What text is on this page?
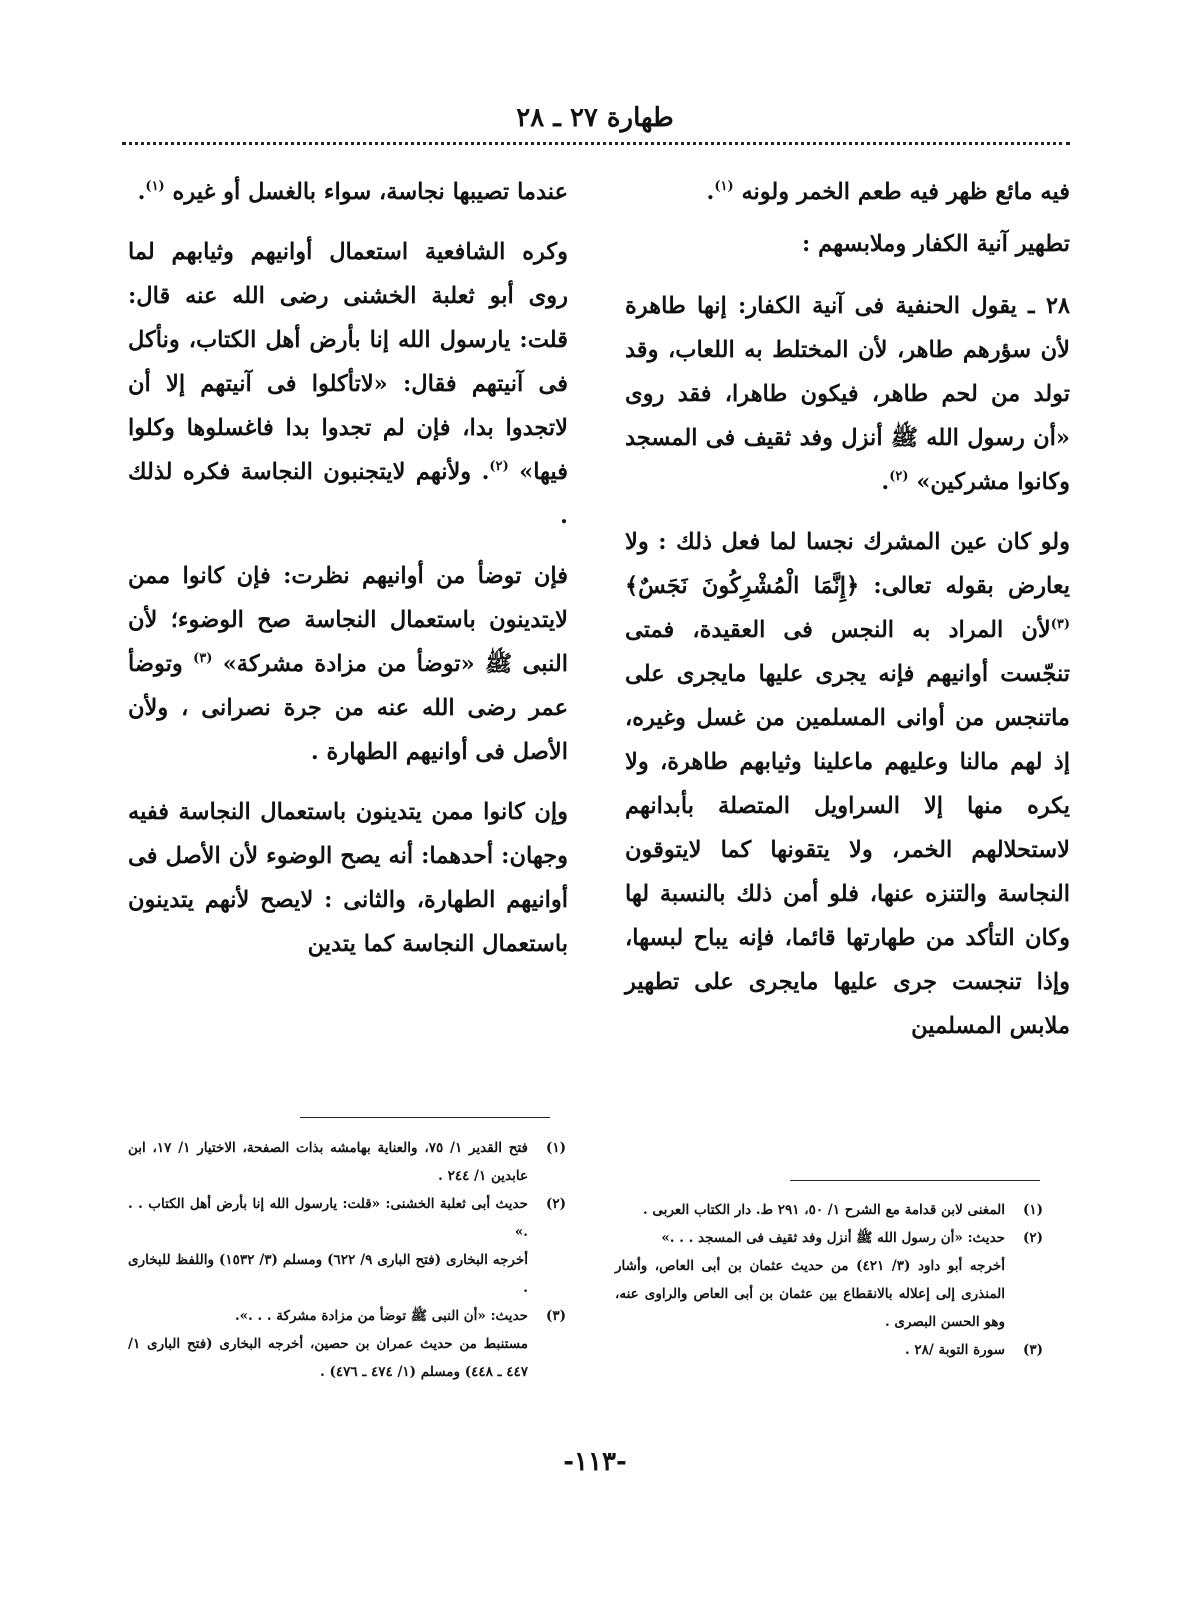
طهارة ٢٧ ـ ٢٨

فيه مائع ظهر فيه طعم الخمر ولونه $^{(١)}$.

تطهير آنية الكفار وملابسهم :

٢٨ ـ يقول الحنفية فى آنية الكفار: إنها طاهرة لأن سؤرهم طاهر، لأن المختلط به اللعاب، وقد تولد من لحم طاهر، فيكون طاهرا، فقد روى «أن رسول الله ﷺ أنزل وفد ثقيف فى المسجد وكانوا مشركين» $^{(٢)}$.

ولو كان عين المشرك نجسا لما فعل ذلك : ولا يعارض بقوله تعالى: ﴿إِنَّمَا الْمُشْرِكُونَ نَجَسٌ﴾$^{(٣)}$لأن المراد به النجس فى العقيدة، فمتى تنجّست أوانيهم فإنه يجرى عليها مايجرى على ماتنجس من أوانى المسلمين من غسل وغيره، إذ لهم مالنا وعليهم ماعلينا وثيابهم طاهرة، ولا يكره منها إلا السراويل المتصلة بأبدانهم لاستحلالهم الخمر، ولا يتقونها كما لايتوقون النجاسة والتنزه عنها، فلو أمن ذلك بالنسبة لها وكان التأكد من طهارتها قائما، فإنه يباح لبسها، وإذا تنجست جرى عليها مايجرى على تطهير ملابس المسلمين

عندما تصيبها نجاسة، سواء بالغسل أو غيره $^{(١)}$.

وكره الشافعية استعمال أوانيهم وثيابهم لما روى أبو ثعلبة الخشنى رضى الله عنه قال: قلت: يارسول الله إنا بأرض أهل الكتاب، ونأكل فى آنيتهم فقال: «لاتأكلوا فى آنيتهم إلا أن لاتجدوا بدا، فإن لم تجدوا بدا فاغسلوها وكلوا فيها» $^{(٢)}$. ولأنهم لايتجنبون النجاسة فكره لذلك .

فإن توضأ من أوانيهم نظرت: فإن كانوا ممن لايتدينون باستعمال النجاسة صح الوضوء؛ لأن النبى ﷺ «توضأ من مزادة مشركة» $^{(٣)}$ وتوضأ عمر رضى الله عنه من جرة نصرانى ، ولأن الأصل فى أوانيهم الطهارة .

وإن كانوا ممن يتدينون باستعمال النجاسة ففيه وجهان: أحدهما: أنه يصح الوضوء لأن الأصل فى أوانيهم الطهارة، والثانى : لايصح لأنهم يتدينون باستعمال النجاسة كما يتدين

(١)
فتح القدير ١/ ٧٥، والعناية بهامشه بذات الصفحة، الاختيار ١/ ١٧، ابن عابدين ١/ ٢٤٤ .
(٢)
حديث أبى ثعلبة الخشنى: «قلت: يارسول الله إنا بأرض أهل الكتاب . . .»
أخرجه البخارى (فتح البارى ٩/ ٦٢٢) ومسلم (٣/ ١٥٣٢) واللفظ للبخارى .
(٣)
حديث: «أن النبى ﷺ توضأ من مزادة مشركة . . .».
مستنبط من حديث عمران بن حصين، أخرجه البخارى (فتح البارى ١/ ٤٤٧ ـ ٤٤٨) ومسلم (١/ ٤٧٤ ـ ٤٧٦) .
(١)
المغنى لابن قدامة مع الشرح ١/ ٥٠، ٢٩١ ط. دار الكتاب العربى .
(٢)
حديث: «أن رسول الله ﷺ أنزل وفد ثقيف فى المسجد . . .»
أخرجه أبو داود (٣/ ٤٢١) من حديث عثمان بن أبى العاص، وأشار المنذرى إلى إعلاله بالانقطاع بين عثمان بن أبى العاص والراوى عنه، وهو الحسن البصرى .
(٣)
سورة التوبة /٢٨ .
-١١٣-
